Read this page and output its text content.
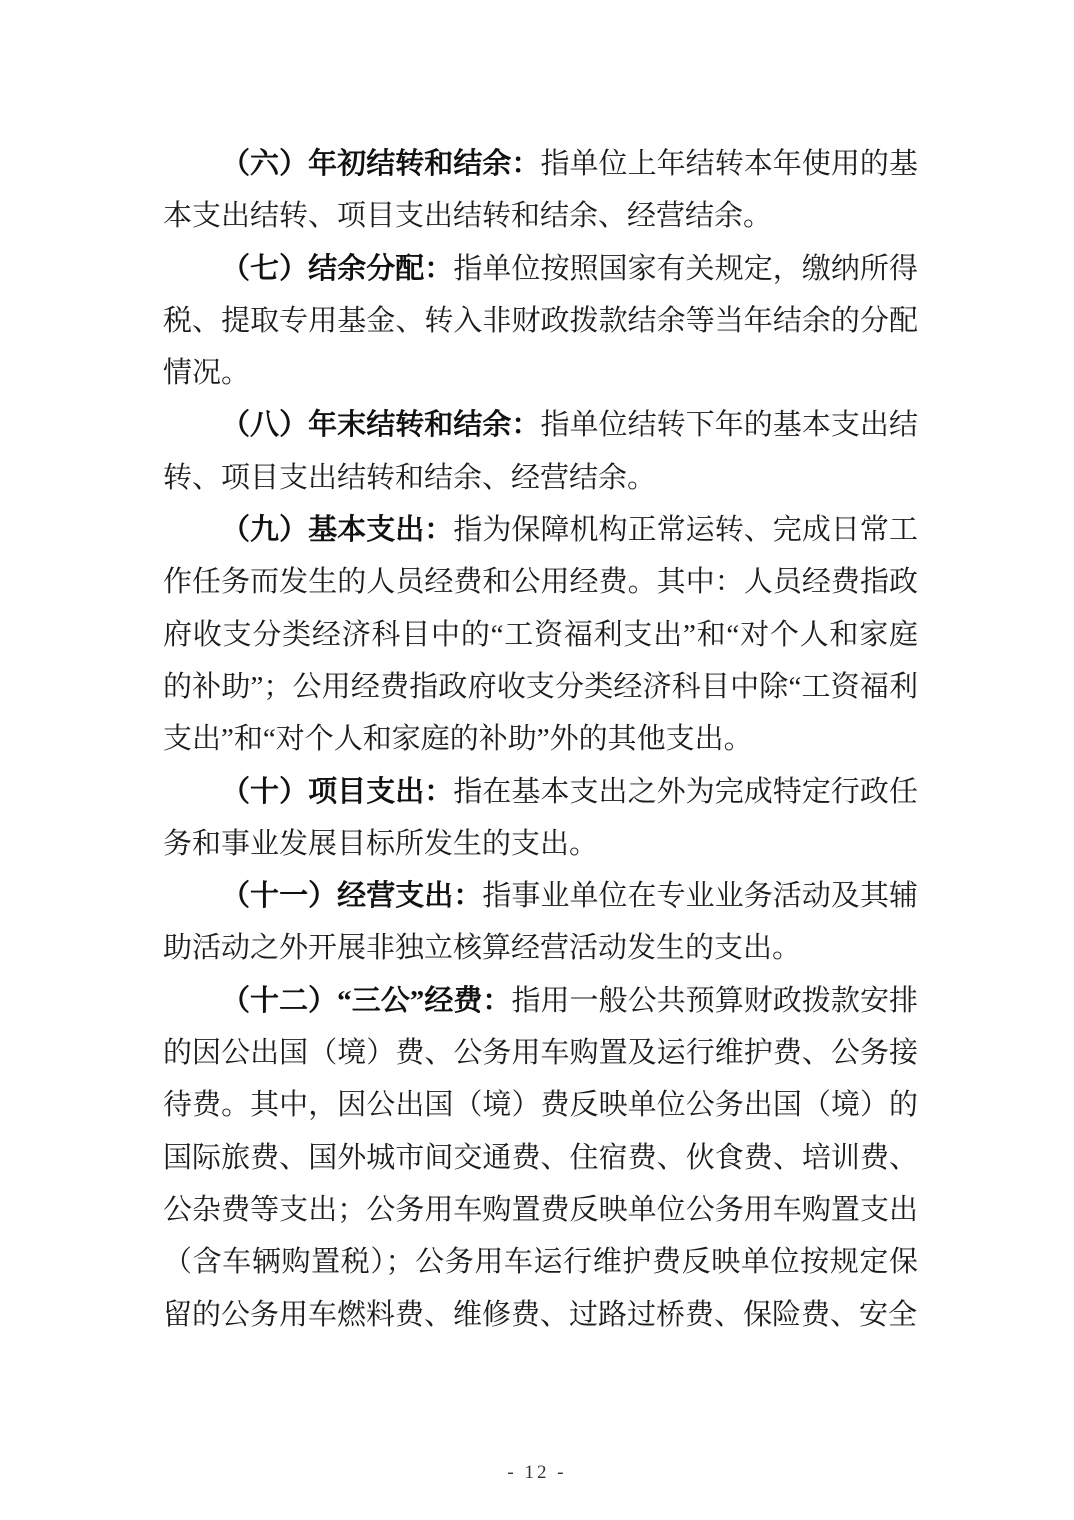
（六）年初结转和结余：指单位上年结转本年使用的基本支出结转、项目支出结转和结余、经营结余。

（七）结余分配：指单位按照国家有关规定，缴纳所得税、提取专用基金、转入非财政拨款结余等当年结余的分配情况。

（八）年末结转和结余：指单位结转下年的基本支出结转、项目支出结转和结余、经营结余。

（九）基本支出：指为保障机构正常运转、完成日常工作任务而发生的人员经费和公用经费。其中：人员经费指政府收支分类经济科目中的“工资福利支出”和“对个人和家庭的补助”；公用经费指政府收支分类经济科目中除“工资福利支出”和“对个人和家庭的补助”外的其他支出。

（十）项目支出：指在基本支出之外为完成特定行政任务和事业发展目标所发生的支出。

（十一）经营支出：指事业单位在专业业务活动及其辅助活动之外开展非独立核算经营活动发生的支出。

（十二）“三公”经费：指用一般公共预算财政拨款安排的因公出国（境）费、公务用车购置及运行维护费、公务接待费。其中，因公出国（境）费反映单位公务出国（境）的国际旅费、国外城市间交通费、住宿费、伙食费、培训费、公杂费等支出；公务用车购置费反映单位公务用车购置支出（含车辆购置税）；公务用车运行维护费反映单位按规定保留的公务用车燃料费、维修费、过路过桥费、保险费、安全

- 12 -
